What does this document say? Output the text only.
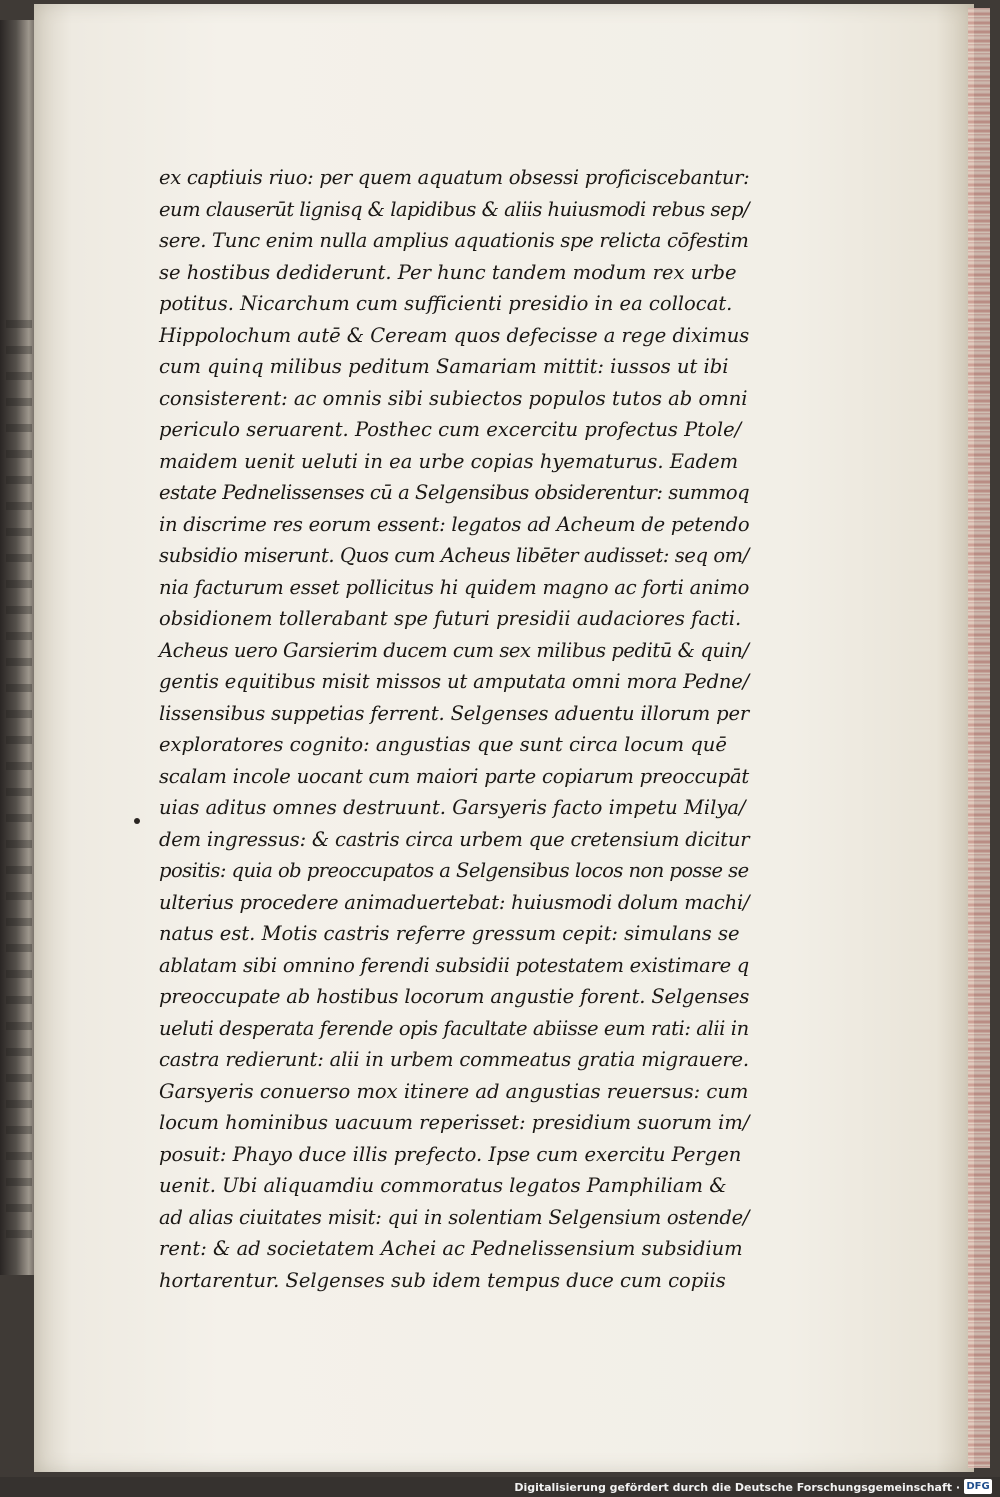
ex captiuis riuo: per quem aquatum obsessi proficiscebantur:
eum clauserūt lignisq & lapidibus & aliis huiusmodi rebus sep/
sere. Tunc enim nulla amplius aquationis spe relicta cōfestim
se hostibus dediderunt. Per hunc tandem modum rex urbe
potitus. Nicarchum cum sufficienti presidio in ea collocat.
Hippolochum autē & Ceream quos defecisse a rege diximus
cum quinq milibus peditum Samariam mittit: iussos ut ibi
consisterent: ac omnis sibi subiectos populos tutos ab omni
periculo seruarent. Posthec cum excercitu profectus Ptole/
maidem uenit ueluti in ea urbe copias hyematurus. Eadem
estate Pednelissenses cū a Selgensibus obsiderentur: summoq
in discrime res eorum essent: legatos ad Acheum de petendo
subsidio miserunt. Quos cum Acheus libēter audisset: seq om/
nia facturum esset pollicitus hi quidem magno ac forti animo
obsidionem tollerabant spe futuri presidii audaciores facti.
Acheus uero Garsierim ducem cum sex milibus peditū & quin/
gentis equitibus misit missos ut amputata omni mora Pedne/
lissensibus suppetias ferrent. Selgenses aduentu illorum per
exploratores cognito: angustias que sunt circa locum quē
scalam incole uocant cum maiori parte copiarum preoccupāt
uias aditus omnes destruunt. Garsyeris facto impetu Milya/
dem ingressus: & castris circa urbem que cretensium dicitur
positis: quia ob preoccupatos a Selgensibus locos non posse se
ulterius procedere animaduertebat: huiusmodi dolum machi/
natus est. Motis castris referre gressum cepit: simulans se
ablatam sibi omnino ferendi subsidii potestatem existimare q
preoccupate ab hostibus locorum angustie forent. Selgenses
ueluti desperata ferende opis facultate abiisse eum rati: alii in
castra redierunt: alii in urbem commeatus gratia migrauere.
Garsyeris conuerso mox itinere ad angustias reuersus: cum
locum hominibus uacuum reperisset: presidium suorum im/
posuit: Phayo duce illis prefecto. Ipse cum exercitu Pergen
uenit. Ubi aliquamdiu commoratus legatos Pamphiliam &
ad alias ciuitates misit: qui in solentiam Selgensium ostende/
rent: & ad societatem Achei ac Pednelissensium subsidium
hortarentur. Selgenses sub idem tempus duce cum copiis
Digitalisierung gefördert durch die Deutsche Forschungsgemeinschaft · DFG
